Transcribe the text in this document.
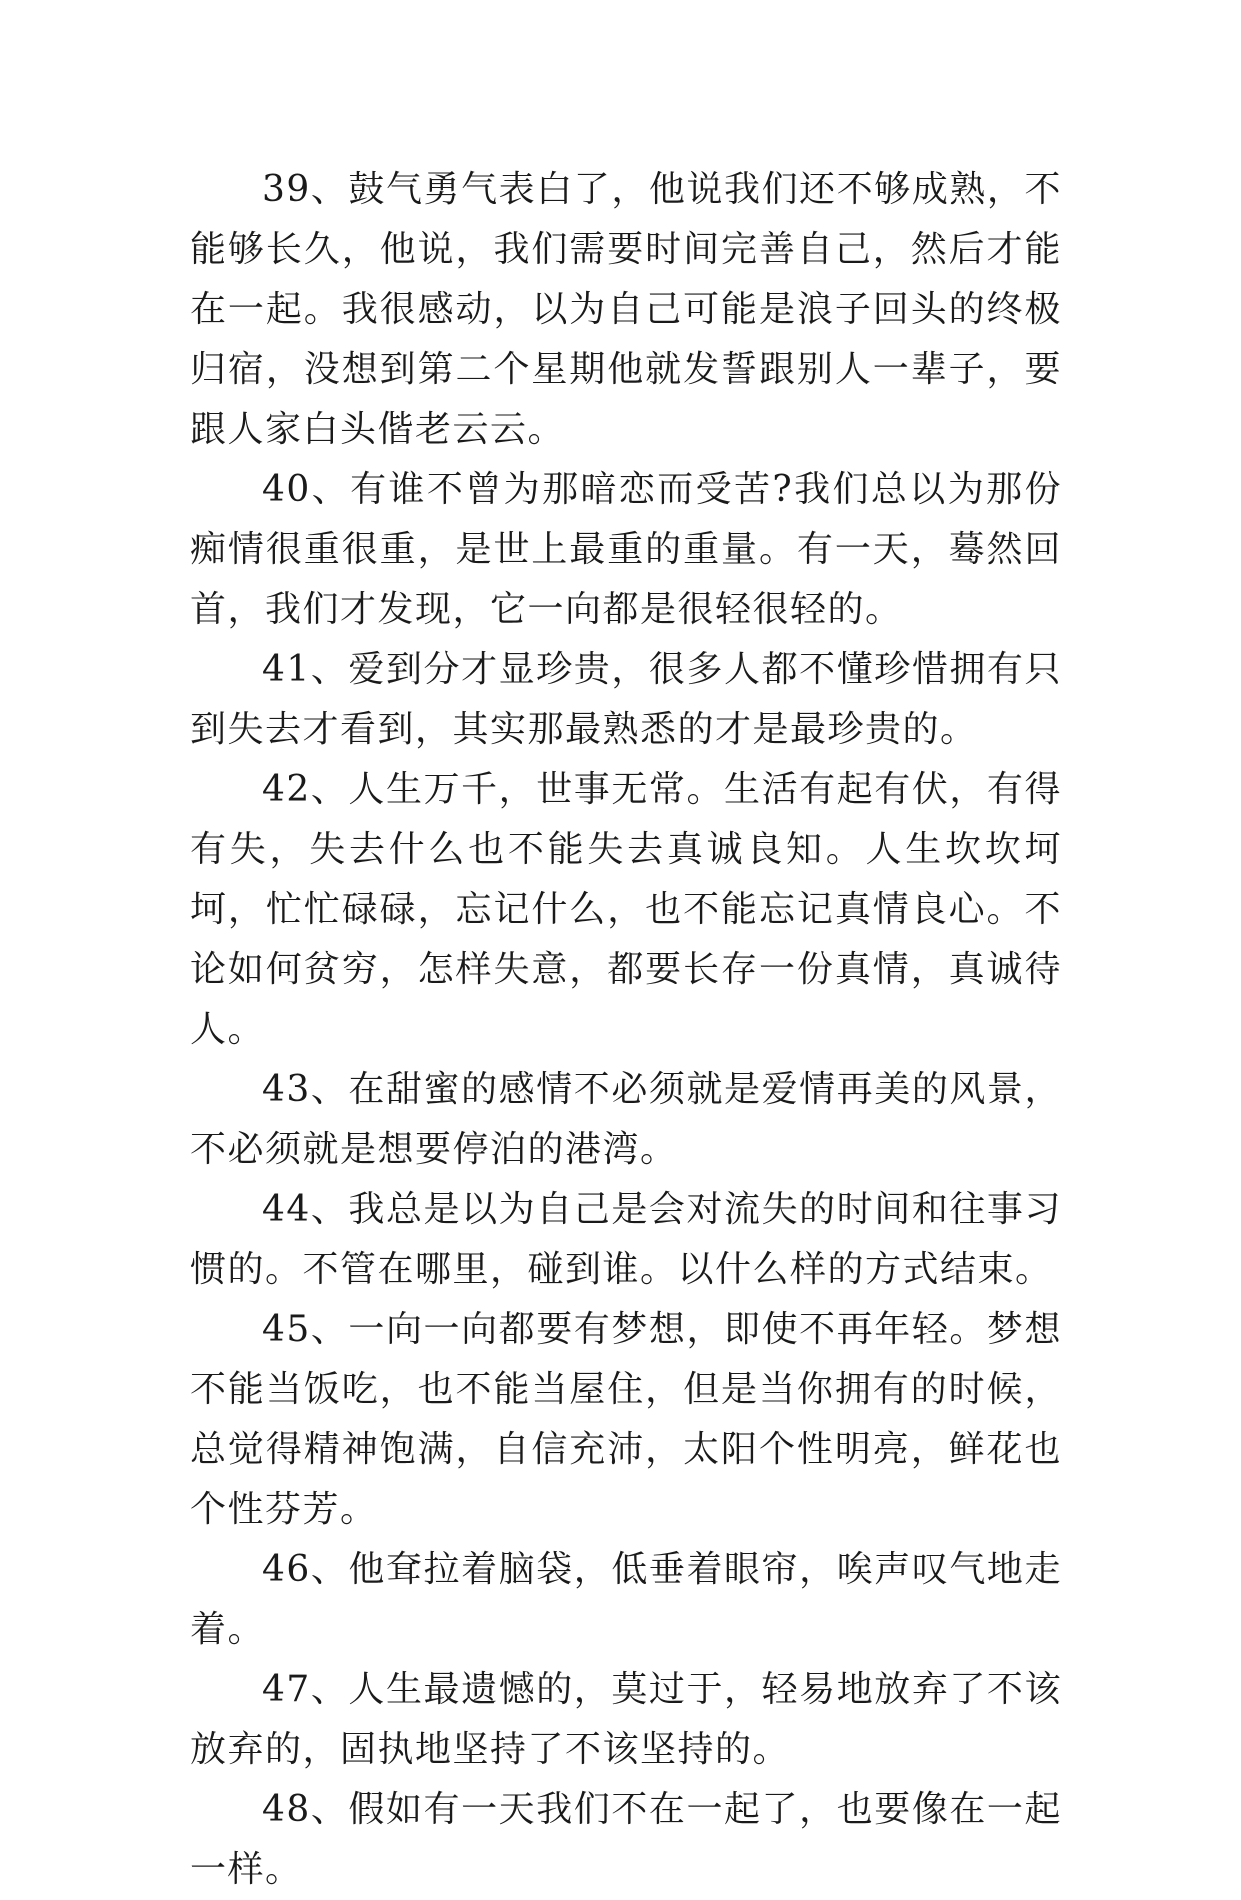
39、鼓气勇气表白了，他说我们还不够成熟，不能够长久，他说，我们需要时间完善自己，然后才能在一起。我很感动，以为自己可能是浪子回头的终极归宿，没想到第二个星期他就发誓跟别人一辈子，要跟人家白头偕老云云。

40、有谁不曾为那暗恋而受苦?我们总以为那份痴情很重很重，是世上最重的重量。有一天，蓦然回首，我们才发现，它一向都是很轻很轻的。

41、爱到分才显珍贵，很多人都不懂珍惜拥有只到失去才看到，其实那最熟悉的才是最珍贵的。

42、人生万千，世事无常。生活有起有伏，有得有失，失去什么也不能失去真诚良知。人生坎坎坷坷，忙忙碌碌，忘记什么，也不能忘记真情良心。不论如何贫穷，怎样失意，都要长存一份真情，真诚待人。

43、在甜蜜的感情不必须就是爱情再美的风景，不必须就是想要停泊的港湾。

44、我总是以为自己是会对流失的时间和往事习惯的。不管在哪里，碰到谁。以什么样的方式结束。

45、一向一向都要有梦想，即使不再年轻。梦想不能当饭吃，也不能当屋住，但是当你拥有的时候，总觉得精神饱满，自信充沛，太阳个性明亮，鲜花也个性芬芳。

46、他耷拉着脑袋，低垂着眼帘，唉声叹气地走着。

47、人生最遗憾的，莫过于，轻易地放弃了不该放弃的，固执地坚持了不该坚持的。

48、假如有一天我们不在一起了，也要像在一起一样。
